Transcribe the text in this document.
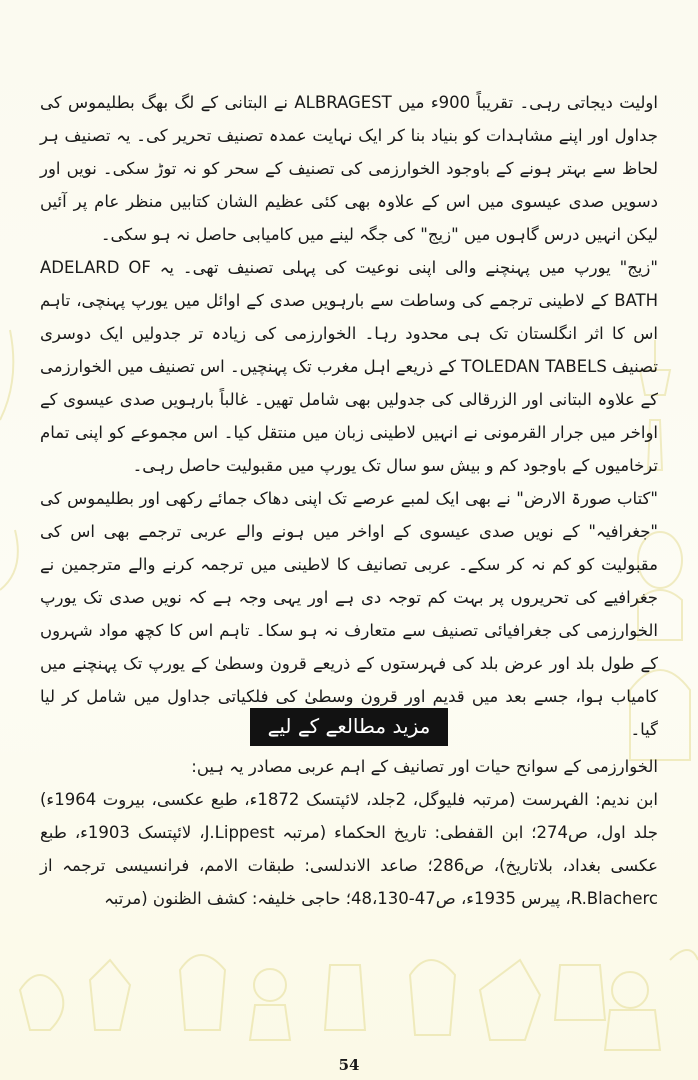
اولیت دیجاتی رہی۔ تقریباً 900ء میں ALBRAGEST نے البتانی کے لگ بھگ بطلیموس کی جداول اور اپنے مشاہدات کو بنیاد بنا کر ایک نہایت عمدہ تصنیف تحریر کی۔ یہ تصنیف ہر لحاظ سے بہتر ہونے کے باوجود الخوارزمی کی تصنیف کے سحر کو نہ توڑ سکی۔ نویں اور دسویں صدی عیسوی میں اس کے علاوہ بھی کئی عظیم الشان کتابیں منظر عام پر آئیں لیکن انہیں درس گاہوں میں "زیج" کی جگہ لینے میں کامیابی حاصل نہ ہو سکی۔

"زیج" یورپ میں پہنچنے والی اپنی نوعیت کی پہلی تصنیف تھی۔ یہ ADELARD OF BATH کے لاطینی ترجمے کی وساطت سے بارہویں صدی کے اوائل میں یورپ پہنچی، تاہم اس کا اثر انگلستان تک ہی محدود رہا۔ الخوارزمی کی زیادہ تر جدولیں ایک دوسری تصنیف TOLEDAN TABELS کے ذریعے اہل مغرب تک پہنچیں۔ اس تصنیف میں الخوارزمی کے علاوہ البتانی اور الزرقالی کی جدولیں بھی شامل تھیں۔ غالباً بارہویں صدی عیسوی کے اواخر میں جرار القرمونی نے انہیں لاطینی زبان میں منتقل کیا۔ اس مجموعے کو اپنی تمام ترخامیوں کے باوجود کم و بیش سو سال تک یورپ میں مقبولیت حاصل رہی۔

"کتاب صورۃ الارض" نے بھی ایک لمبے عرصے تک اپنی دھاک جمائے رکھی اور بطلیموس کی "جغرافیہ" کے نویں صدی عیسوی کے اواخر میں ہونے والے عربی ترجمے بھی اس کی مقبولیت کو کم نہ کر سکے۔ عربی تصانیف کا لاطینی میں ترجمہ کرنے والے مترجمین نے جغرافیے کی تحریروں پر بہت کم توجہ دی ہے اور یہی وجہ ہے کہ نویں صدی تک یورپ الخوارزمی کی جغرافیائی تصنیف سے متعارف نہ ہو سکا۔ تاہم اس کا کچھ مواد شہروں کے طول بلد اور عرض بلد کی فہرستوں کے ذریعے قرون وسطیٰ کے یورپ تک پہنچنے میں کامیاب ہوا، جسے بعد میں قدیم اور قرون وسطیٰ کی فلکیاتی جداول میں شامل کر لیا گیا۔

مزید مطالعے کے لیے

الخوارزمی کے سوانح حیات اور تصانیف کے اہم عربی مصادر یہ ہیں:

ابن ندیم: الفہرست (مرتبہ فلیوگل، 2جلد، لائپتسک 1872ء، طبع عکسی، بیروت 1964ء) جلد اول، ص274؛ ابن القفطی: تاریخ الحکماء (مرتبہ J.Lippest، لائپتسک 1903ء، طبع عکسی بغداد، بلاتاریخ)، ص286؛ صاعد الاندلسی: طبقات الامم، فرانسیسی ترجمہ از R.Blacherc، پیرس 1935ء، ص47-48،130؛ حاجی خلیفہ: کشف الظنون (مرتبہ

54
